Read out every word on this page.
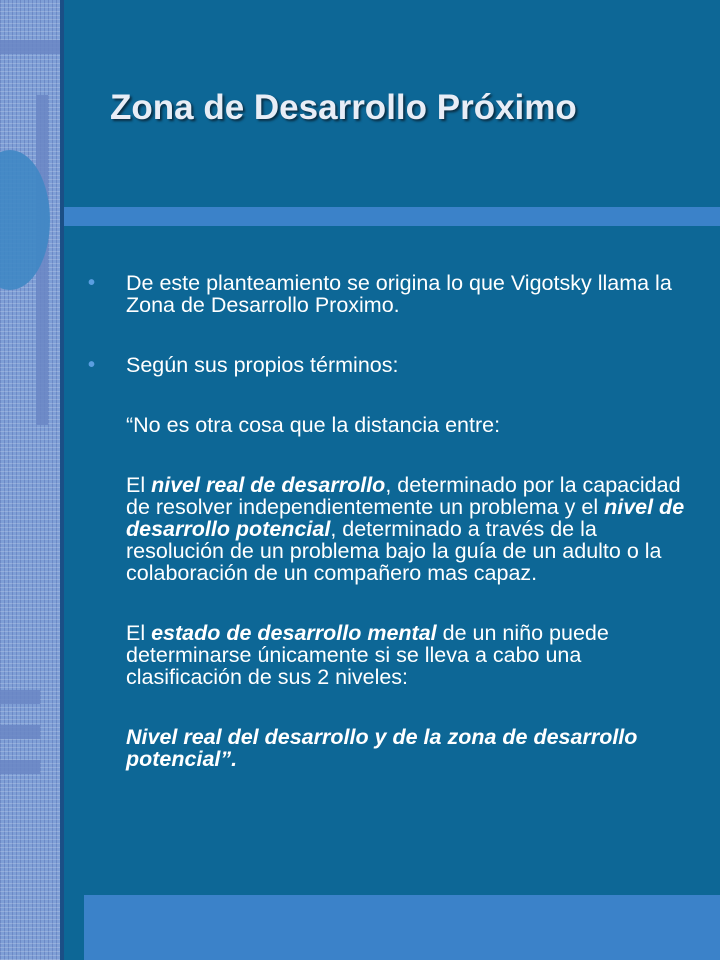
Zona de Desarrollo Próximo
•	De este planteamiento se origina lo que Vigotsky llama la Zona de Desarrollo Proximo.
•	Según sus propios términos:
“No es otra cosa que la distancia entre:
El nivel real de desarrollo, determinado por la capacidad de resolver independientemente un problema y el nivel de desarrollo potencial, determinado a través de la resolución de un problema bajo la guía de un adulto o la colaboración de un compañero mas capaz.
El estado de desarrollo mental de un niño puede determinarse únicamente si se lleva a cabo una clasificación de sus 2 niveles:
Nivel real del desarrollo y de la zona de desarrollo potencial”.
